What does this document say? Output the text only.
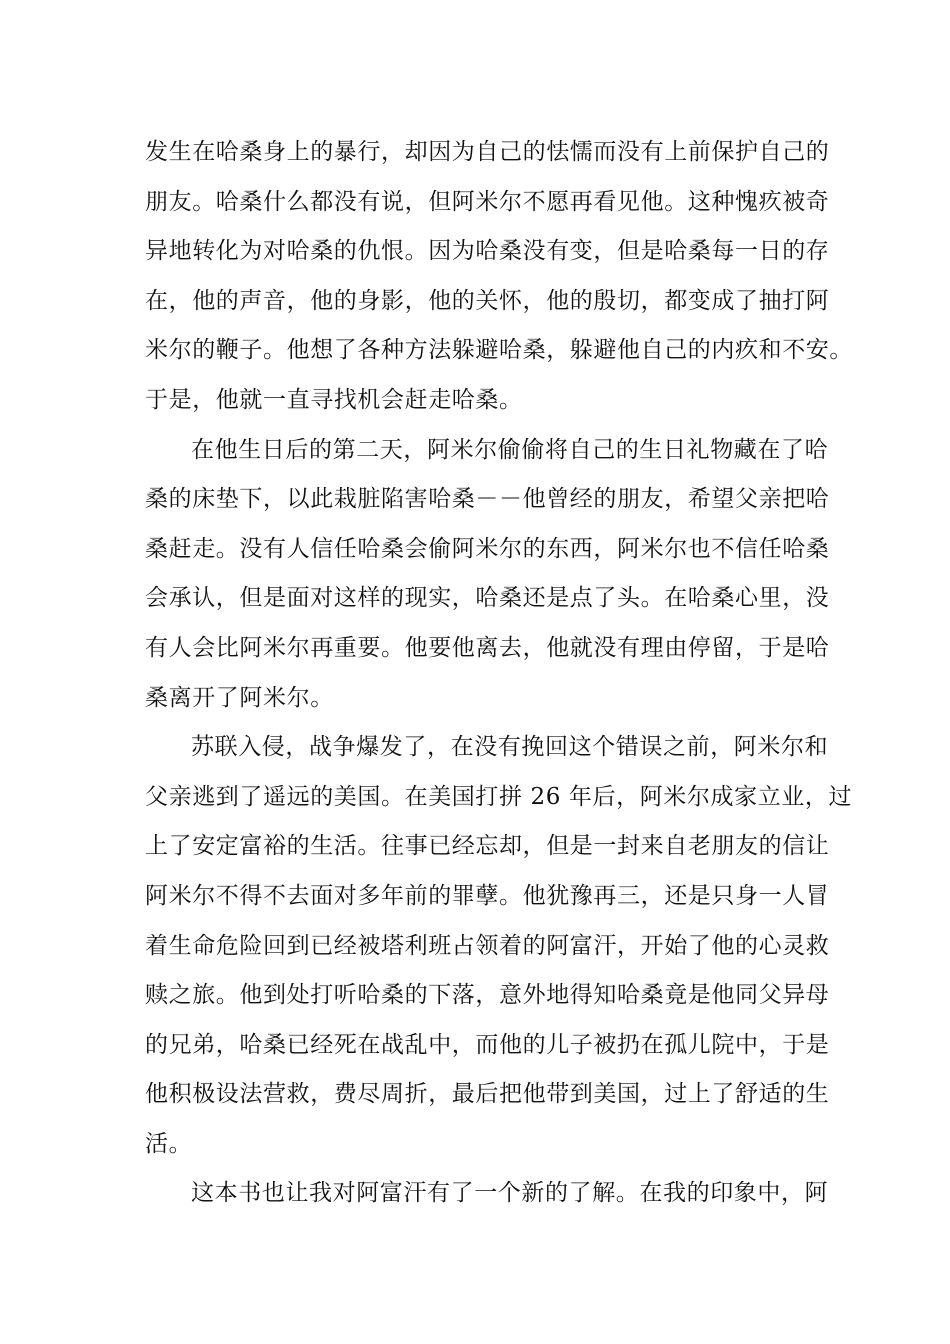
发生在哈桑身上的暴行，却因为自己的怯懦而没有上前保护自己的
朋友。哈桑什么都没有说，但阿米尔不愿再看见他。这种愧疚被奇
异地转化为对哈桑的仇恨。因为哈桑没有变，但是哈桑每一日的存
在，他的声音，他的身影，他的关怀，他的殷切，都变成了抽打阿
米尔的鞭子。他想了各种方法躲避哈桑，躲避他自己的内疚和不安。
于是，他就一直寻找机会赶走哈桑。
在他生日后的第二天，阿米尔偷偷将自己的生日礼物藏在了哈
桑的床垫下，以此栽脏陷害哈桑－－他曾经的朋友，希望父亲把哈
桑赶走。没有人信任哈桑会偷阿米尔的东西，阿米尔也不信任哈桑
会承认，但是面对这样的现实，哈桑还是点了头。在哈桑心里，没
有人会比阿米尔再重要。他要他离去，他就没有理由停留，于是哈
桑离开了阿米尔。
苏联入侵，战争爆发了，在没有挽回这个错误之前，阿米尔和
父亲逃到了遥远的美国。在美国打拼 26 年后，阿米尔成家立业，过
上了安定富裕的生活。往事已经忘却，但是一封来自老朋友的信让
阿米尔不得不去面对多年前的罪孽。他犹豫再三，还是只身一人冒
着生命危险回到已经被塔利班占领着的阿富汗，开始了他的心灵救
赎之旅。他到处打听哈桑的下落，意外地得知哈桑竟是他同父异母
的兄弟，哈桑已经死在战乱中，而他的儿子被扔在孤儿院中，于是
他积极设法营救，费尽周折，最后把他带到美国，过上了舒适的生
活。
这本书也让我对阿富汗有了一个新的了解。在我的印象中，阿
